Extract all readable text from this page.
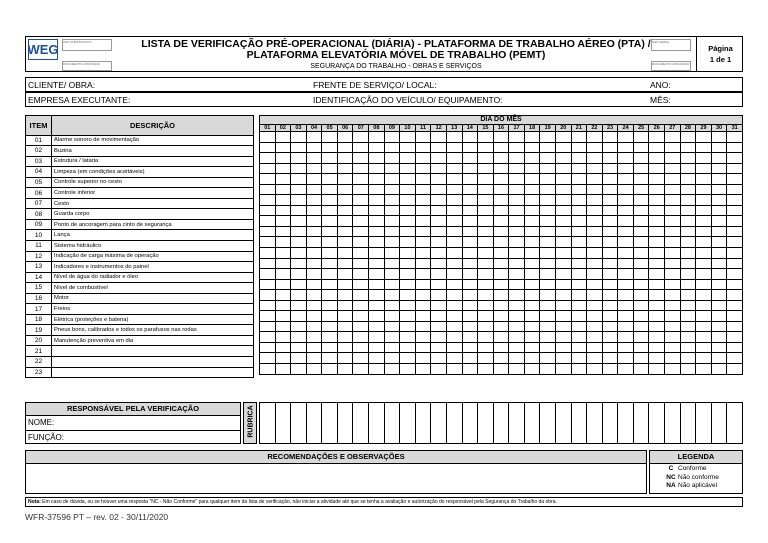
WEG	USO SUBSTRATICO
DOCUMENTO APROVADO
LISTA DE VERIFICAÇÃO PRÉ-OPERACIONAL (DIÁRIA) - PLATAFORMA DE TRABALHO AÉREO (PTA) /
PLATAFORMA ELEVATÓRIA MÓVEL DE TRABALHO (PEMT)
SEGURANÇA DO TRABALHO - OBRAS E SERVIÇOS
USO GERAL
DOCUMENTO APROVADO
Página
1 de 1
CLIENTE/ OBRA:	FRENTE DE SERVIÇO/ LOCAL:	ANO:
EMPRESA EXECUTANTE:	IDENTIFICAÇÃO DO VEÍCULO/ EQUIPAMENTO:	MÊS:
ITEM	DESCRIÇÃO
01	Alarme sonoro de movimentação
02	Buzina
03	Estrutura / lataria
04	Limpeza (em condições aceitáveis)
05	Controle superior no cesto
06	Controle inferior
07	Cesto
08	Guarda corpo
09	Ponto de ancoragem para cinto de segurança
10	Lança
11	Sistema hidráulico
12	Indicação de carga máxima de operação
13	Indicadores e instrumentos do painel
14	Nível de água do radiador e óleo
15	Nível de combustível
16	Motor
17	Freios
18	Elétrica (proteções e bateria)
19	Pneus bons, calibrados e todos os parafusos nas rodas
20	Manutenção preventiva em dia
21	
22	
23	
DIA DO MÊS																														
01	02	03	04	05	06	07	08	09	10	11	12	13	14	15	16	17	18	19	20	21	22	23	24	25	26	27	28	29	30	31

RESPONSÁVEL PELA VERIFICAÇÃO
NOME:
FUNÇÃO:	RUBRICA

RECOMENDAÇÕES E OBSERVAÇÕES	LEGENDA
C Conforme
NC Não conforme
NA Não aplicável
Nota: Em caso de dúvida, ou se houver uma resposta "NC - Não Conforme" para qualquer item da lista de verificação, não iniciar a atividade até que se tenha a avaliação e autorização do responsável pela Segurança do Trabalho da obra.
WFR-37596 PT – rev. 02 - 30/11/2020
